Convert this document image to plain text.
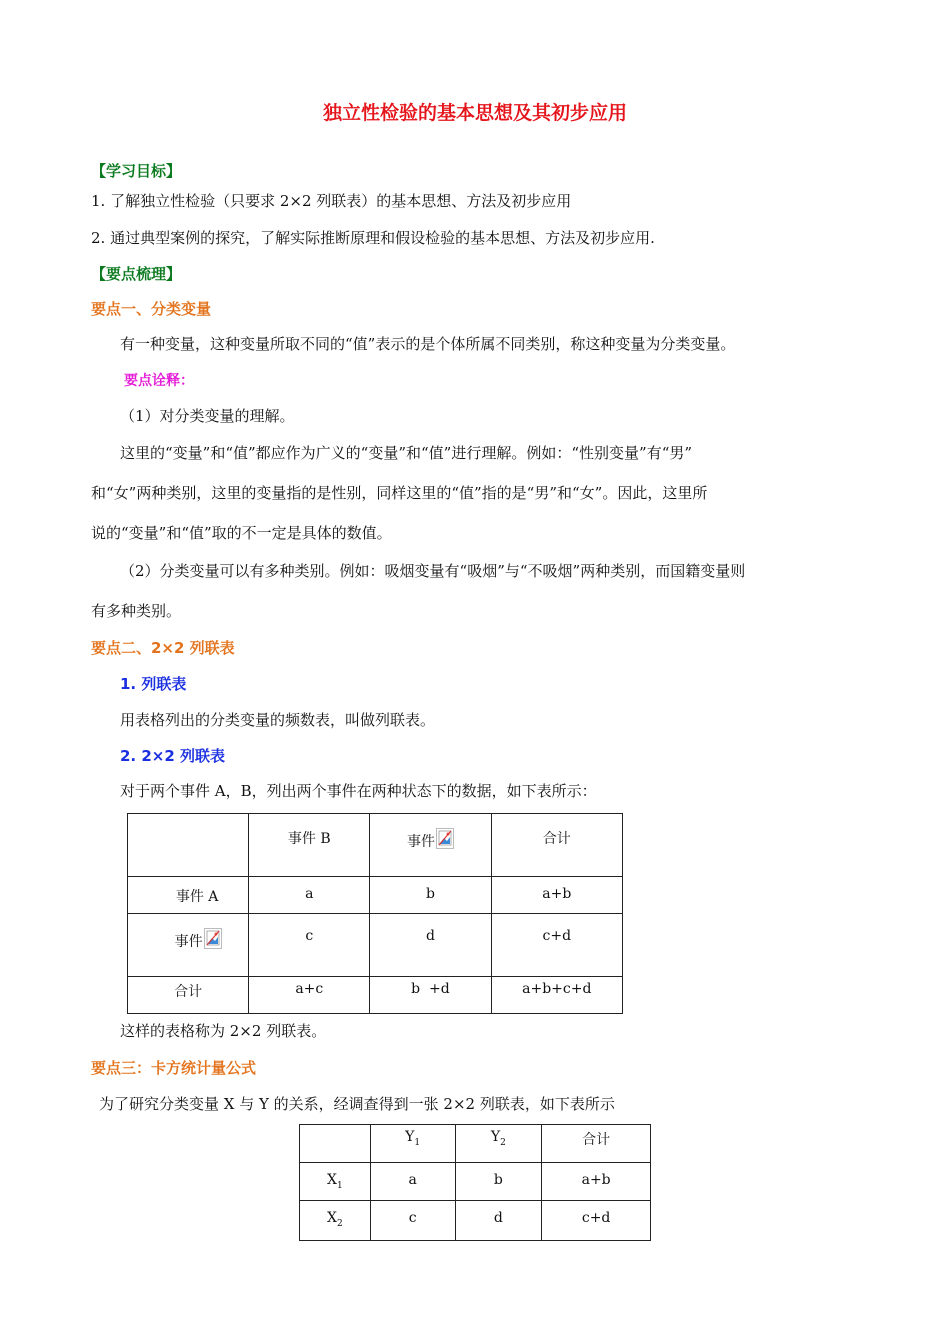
独立性检验的基本思想及其初步应用
【学习目标】
1. 了解独立性检验（只要求 2×2 列联表）的基本思想、方法及初步应用
2. 通过典型案例的探究，了解实际推断原理和假设检验的基本思想、方法及初步应用.
【要点梳理】
要点一、分类变量
有一种变量，这种变量所取不同的“值”表示的是个体所属不同类别，称这种变量为分类变量。
要点诠释：
（1）对分类变量的理解。
这里的“变量”和“值”都应作为广义的“变量”和“值”进行理解。例如：“性别变量”有“男”
和“女”两种类别，这里的变量指的是性别，同样这里的“值”指的是“男”和“女”。因此，这里所
说的“变量”和“值”取的不一定是具体的数值。
（2）分类变量可以有多种类别。例如：吸烟变量有“吸烟”与“不吸烟”两种类别，而国籍变量则
有多种类别。
要点二、2×2 列联表
1. 列联表
用表格列出的分类变量的频数表，叫做列联表。
2. 2×2 列联表
对于两个事件 A，B，列出两个事件在两种状态下的数据，如下表所示：

	事件 B	事件	合计

事件 A	a	b	a+b

事件	c	d	c+d

合计	a+c	b  +d	a+b+c+d
这样的表格称为 2×2 列联表。
要点三：卡方统计量公式
为了研究分类变量 X 与 Y 的关系，经调查得到一张 2×2 列联表，如下表所示

	$Y_1$	$Y_2$	合计

$X_1$	a	b	a+b

$X_2$	c	d	c+d
